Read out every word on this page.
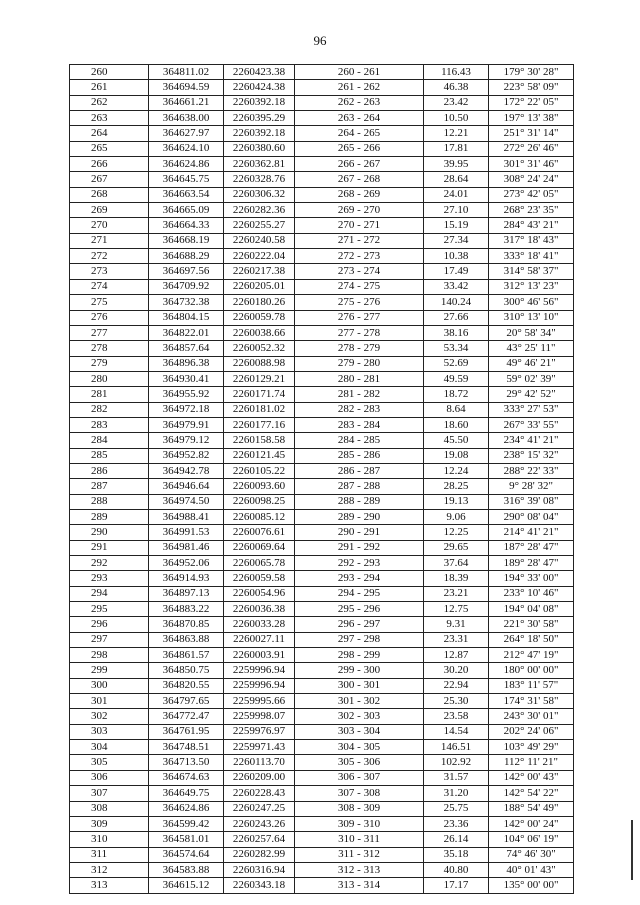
96
260	364811.02	2260423.38	260 - 261	116.43	179° 30' 28"
261	364694.59	2260424.38	261 - 262	46.38	223° 58' 09"
262	364661.21	2260392.18	262 - 263	23.42	172° 22' 05"
263	364638.00	2260395.29	263 - 264	10.50	197° 13' 38"
264	364627.97	2260392.18	264 - 265	12.21	251° 31' 14"
265	364624.10	2260380.60	265 - 266	17.81	272° 26' 46"
266	364624.86	2260362.81	266 - 267	39.95	301° 31' 46"
267	364645.75	2260328.76	267 - 268	28.64	308° 24' 24"
268	364663.54	2260306.32	268 - 269	24.01	273° 42' 05"
269	364665.09	2260282.36	269 - 270	27.10	268° 23' 35"
270	364664.33	2260255.27	270 - 271	15.19	284° 43' 21"
271	364668.19	2260240.58	271 - 272	27.34	317° 18' 43"
272	364688.29	2260222.04	272 - 273	10.38	333° 18' 41"
273	364697.56	2260217.38	273 - 274	17.49	314° 58' 37"
274	364709.92	2260205.01	274 - 275	33.42	312° 13' 23"
275	364732.38	2260180.26	275 - 276	140.24	300° 46' 56"
276	364804.15	2260059.78	276 - 277	27.66	310° 13' 10"
277	364822.01	2260038.66	277 - 278	38.16	20° 58' 34"
278	364857.64	2260052.32	278 - 279	53.34	43° 25' 11"
279	364896.38	2260088.98	279 - 280	52.69	49° 46' 21"
280	364930.41	2260129.21	280 - 281	49.59	59° 02' 39"
281	364955.92	2260171.74	281 - 282	18.72	29° 42' 52"
282	364972.18	2260181.02	282 - 283	8.64	333° 27' 53"
283	364979.91	2260177.16	283 - 284	18.60	267° 33' 55"
284	364979.12	2260158.58	284 - 285	45.50	234° 41' 21"
285	364952.82	2260121.45	285 - 286	19.08	238° 15' 32"
286	364942.78	2260105.22	286 - 287	12.24	288° 22' 33"
287	364946.64	2260093.60	287 - 288	28.25	9° 28' 32"
288	364974.50	2260098.25	288 - 289	19.13	316° 39' 08"
289	364988.41	2260085.12	289 - 290	9.06	290° 08' 04"
290	364991.53	2260076.61	290 - 291	12.25	214° 41' 21"
291	364981.46	2260069.64	291 - 292	29.65	187° 28' 47"
292	364952.06	2260065.78	292 - 293	37.64	189° 28' 47"
293	364914.93	2260059.58	293 - 294	18.39	194° 33' 00"
294	364897.13	2260054.96	294 - 295	23.21	233° 10' 46"
295	364883.22	2260036.38	295 - 296	12.75	194° 04' 08"
296	364870.85	2260033.28	296 - 297	9.31	221° 30' 58"
297	364863.88	2260027.11	297 - 298	23.31	264° 18' 50"
298	364861.57	2260003.91	298 - 299	12.87	212° 47' 19"
299	364850.75	2259996.94	299 - 300	30.20	180° 00' 00"
300	364820.55	2259996.94	300 - 301	22.94	183° 11' 57"
301	364797.65	2259995.66	301 - 302	25.30	174° 31' 58"
302	364772.47	2259998.07	302 - 303	23.58	243° 30' 01"
303	364761.95	2259976.97	303 - 304	14.54	202° 24' 06"
304	364748.51	2259971.43	304 - 305	146.51	103° 49' 29"
305	364713.50	2260113.70	305 - 306	102.92	112° 11' 21"
306	364674.63	2260209.00	306 - 307	31.57	142° 00' 43"
307	364649.75	2260228.43	307 - 308	31.20	142° 54' 22"
308	364624.86	2260247.25	308 - 309	25.75	188° 54' 49"
309	364599.42	2260243.26	309 - 310	23.36	142° 00' 24"
310	364581.01	2260257.64	310 - 311	26.14	104° 06' 19"
311	364574.64	2260282.99	311 - 312	35.18	74° 46' 30"
312	364583.88	2260316.94	312 - 313	40.80	40° 01' 43"
313	364615.12	2260343.18	313 - 314	17.17	135° 00' 00"
